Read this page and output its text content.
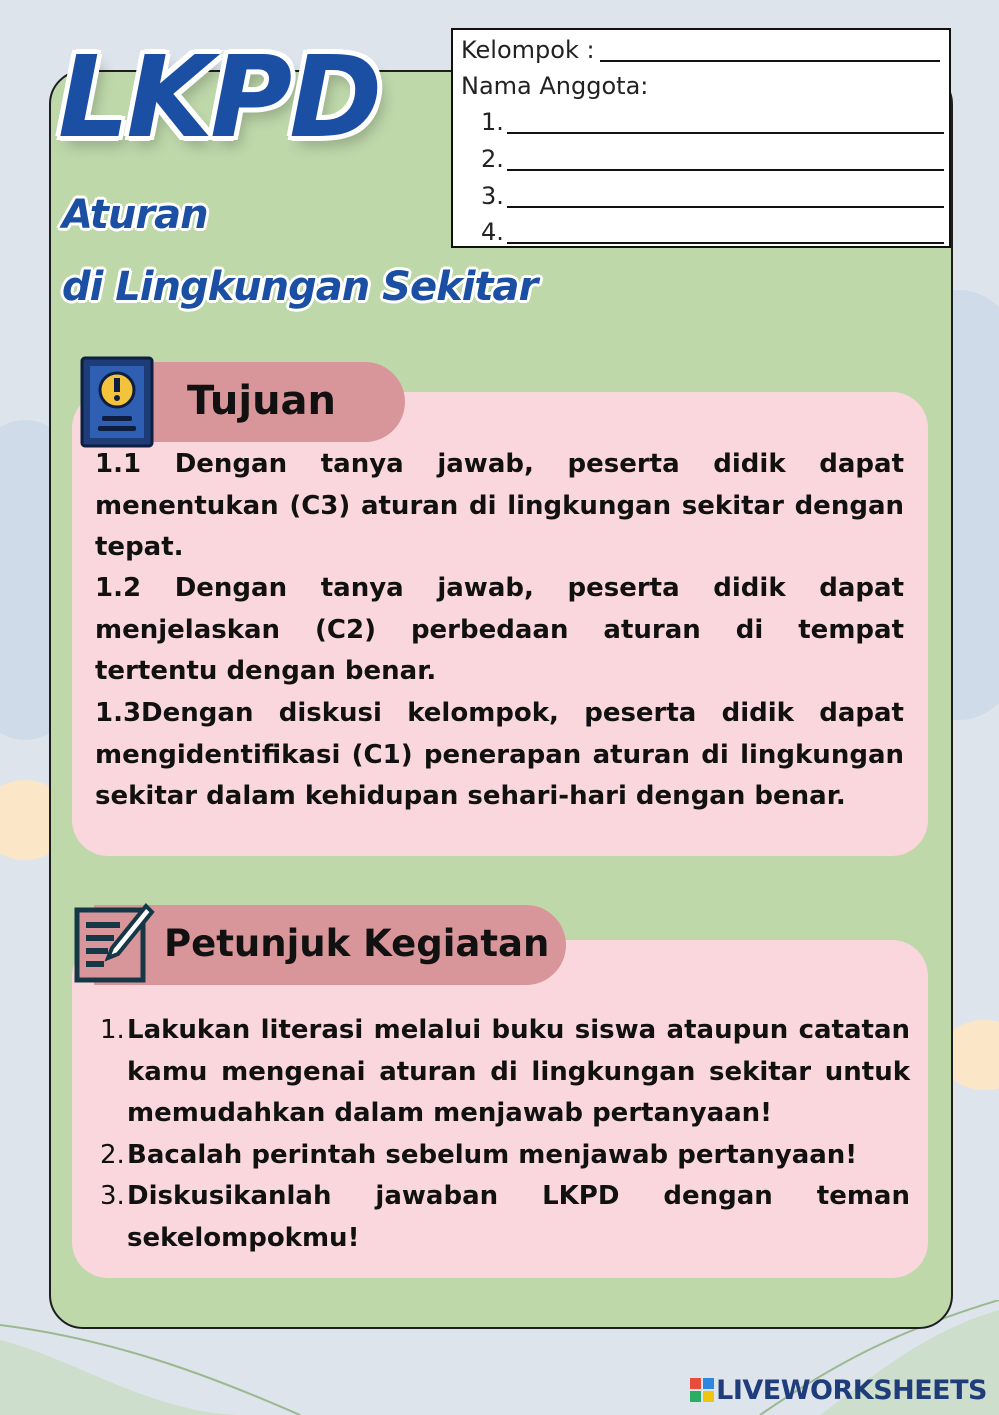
LKPD

Aturan

di Lingkungan Sekitar

Kelompok :
Nama Anggota:
1.
2.
3.
4.
Tujuan

1.1 Dengan tanya jawab, peserta didik dapat menentukan (C3) aturan di lingkungan sekitar dengan tepat.

1.2 Dengan tanya jawab, peserta didik dapat menjelaskan (C2) perbedaan aturan di tempat tertentu dengan benar.

1.3Dengan diskusi kelompok, peserta didik dapat mengidentifikasi (C1) penerapan aturan di lingkungan sekitar dalam kehidupan sehari-hari dengan benar.

Petunjuk Kegiatan
1. Lakukan literasi melalui buku siswa ataupun catatan kamu mengenai aturan di lingkungan sekitar untuk memudahkan dalam menjawab pertanyaan!
2. Bacalah perintah sebelum menjawab pertanyaan!
3. Diskusikanlah jawaban LKPD dengan teman sekelompokmu!
LIVEWORKSHEETS
